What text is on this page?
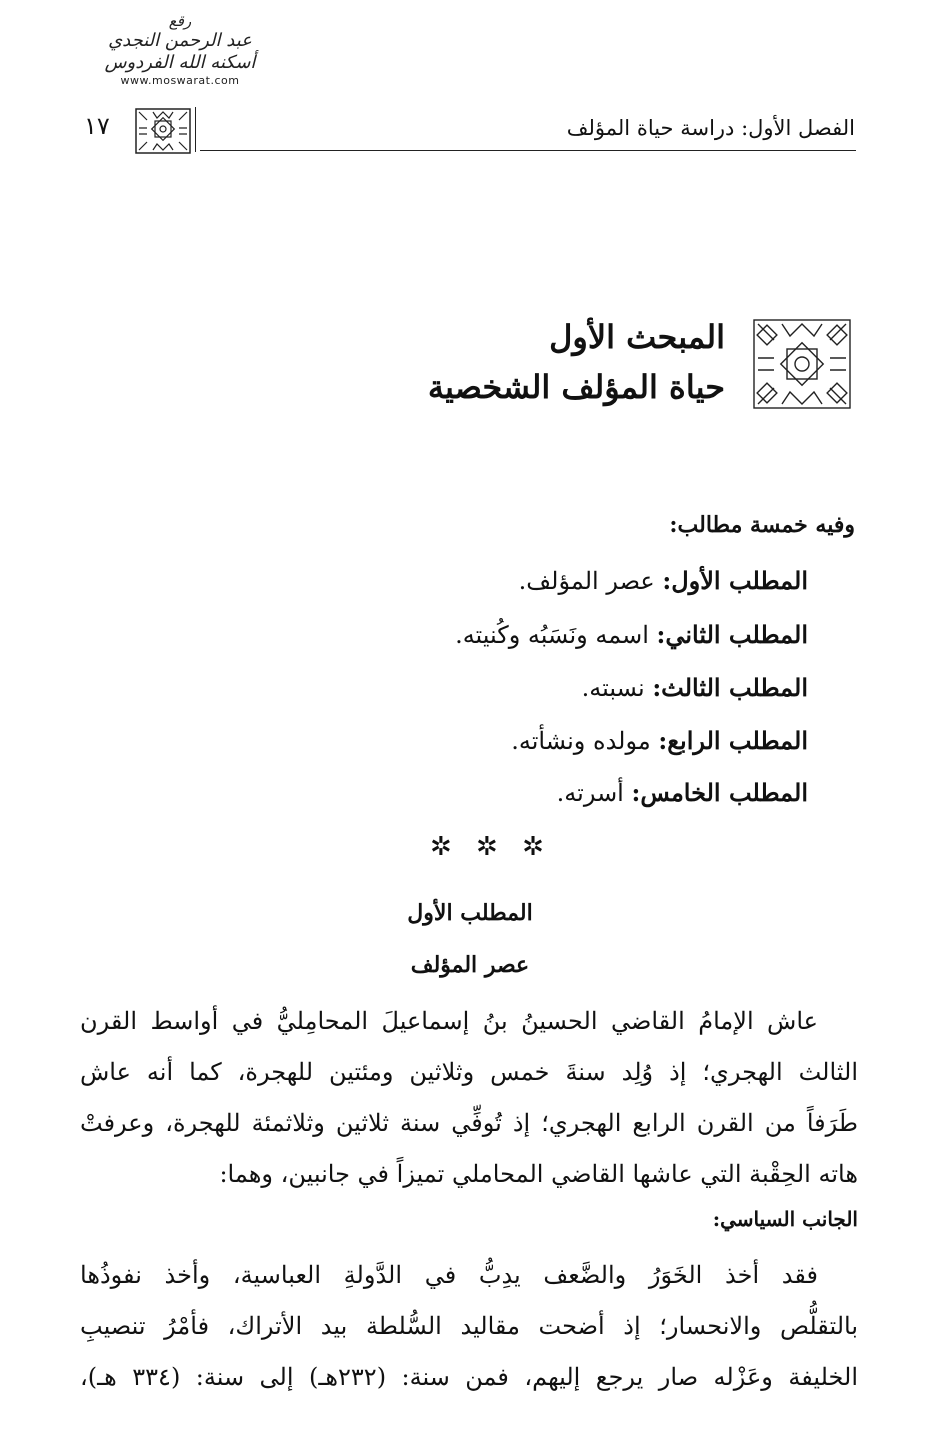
رقع
عبد الرحمن النجدي
أسكنه الله الفردوس
www.moswarat.com
الفصل الأول: دراسة حياة المؤلف
١٧
المبحث الأول
حياة المؤلف الشخصية
وفيه خمسة مطالب:
المطلب الأول: عصر المؤلف.
المطلب الثاني: اسمه ونَسَبُه وكُنيته.
المطلب الثالث: نسبته.
المطلب الرابع: مولده ونشأته.
المطلب الخامس: أسرته.
✲ ✲ ✲
المطلب الأول
عصر المؤلف
عاش الإمامُ القاضي الحسينُ بنُ إسماعيلَ المحامِليُّ في أواسط القرن
الثالث الهجري؛ إذ وُلِد سنةَ خمس وثلاثين ومئتين للهجرة، كما أنه عاش
طَرَفاً من القرن الرابع الهجري؛ إذ تُوفِّي سنة ثلاثين وثلاثمئة للهجرة، وعرفتْ
هاته الحِقْبة التي عاشها القاضي المحاملي تميزاً في جانبين، وهما:
الجانب السياسي:
فقد أخذ الخَوَرُ والضَّعف يدِبُّ في الدَّولةِ العباسية، وأخذ نفوذُها
بالتقلُّص والانحسار؛ إذ أضحت مقاليد السُّلطة بيد الأتراك، فأمْرُ تنصيبِ
الخليفة وعَزْله صار يرجع إليهم، فمن سنة: (٢٣٢هـ) إلى سنة: (٣٣٤ هـ)،
